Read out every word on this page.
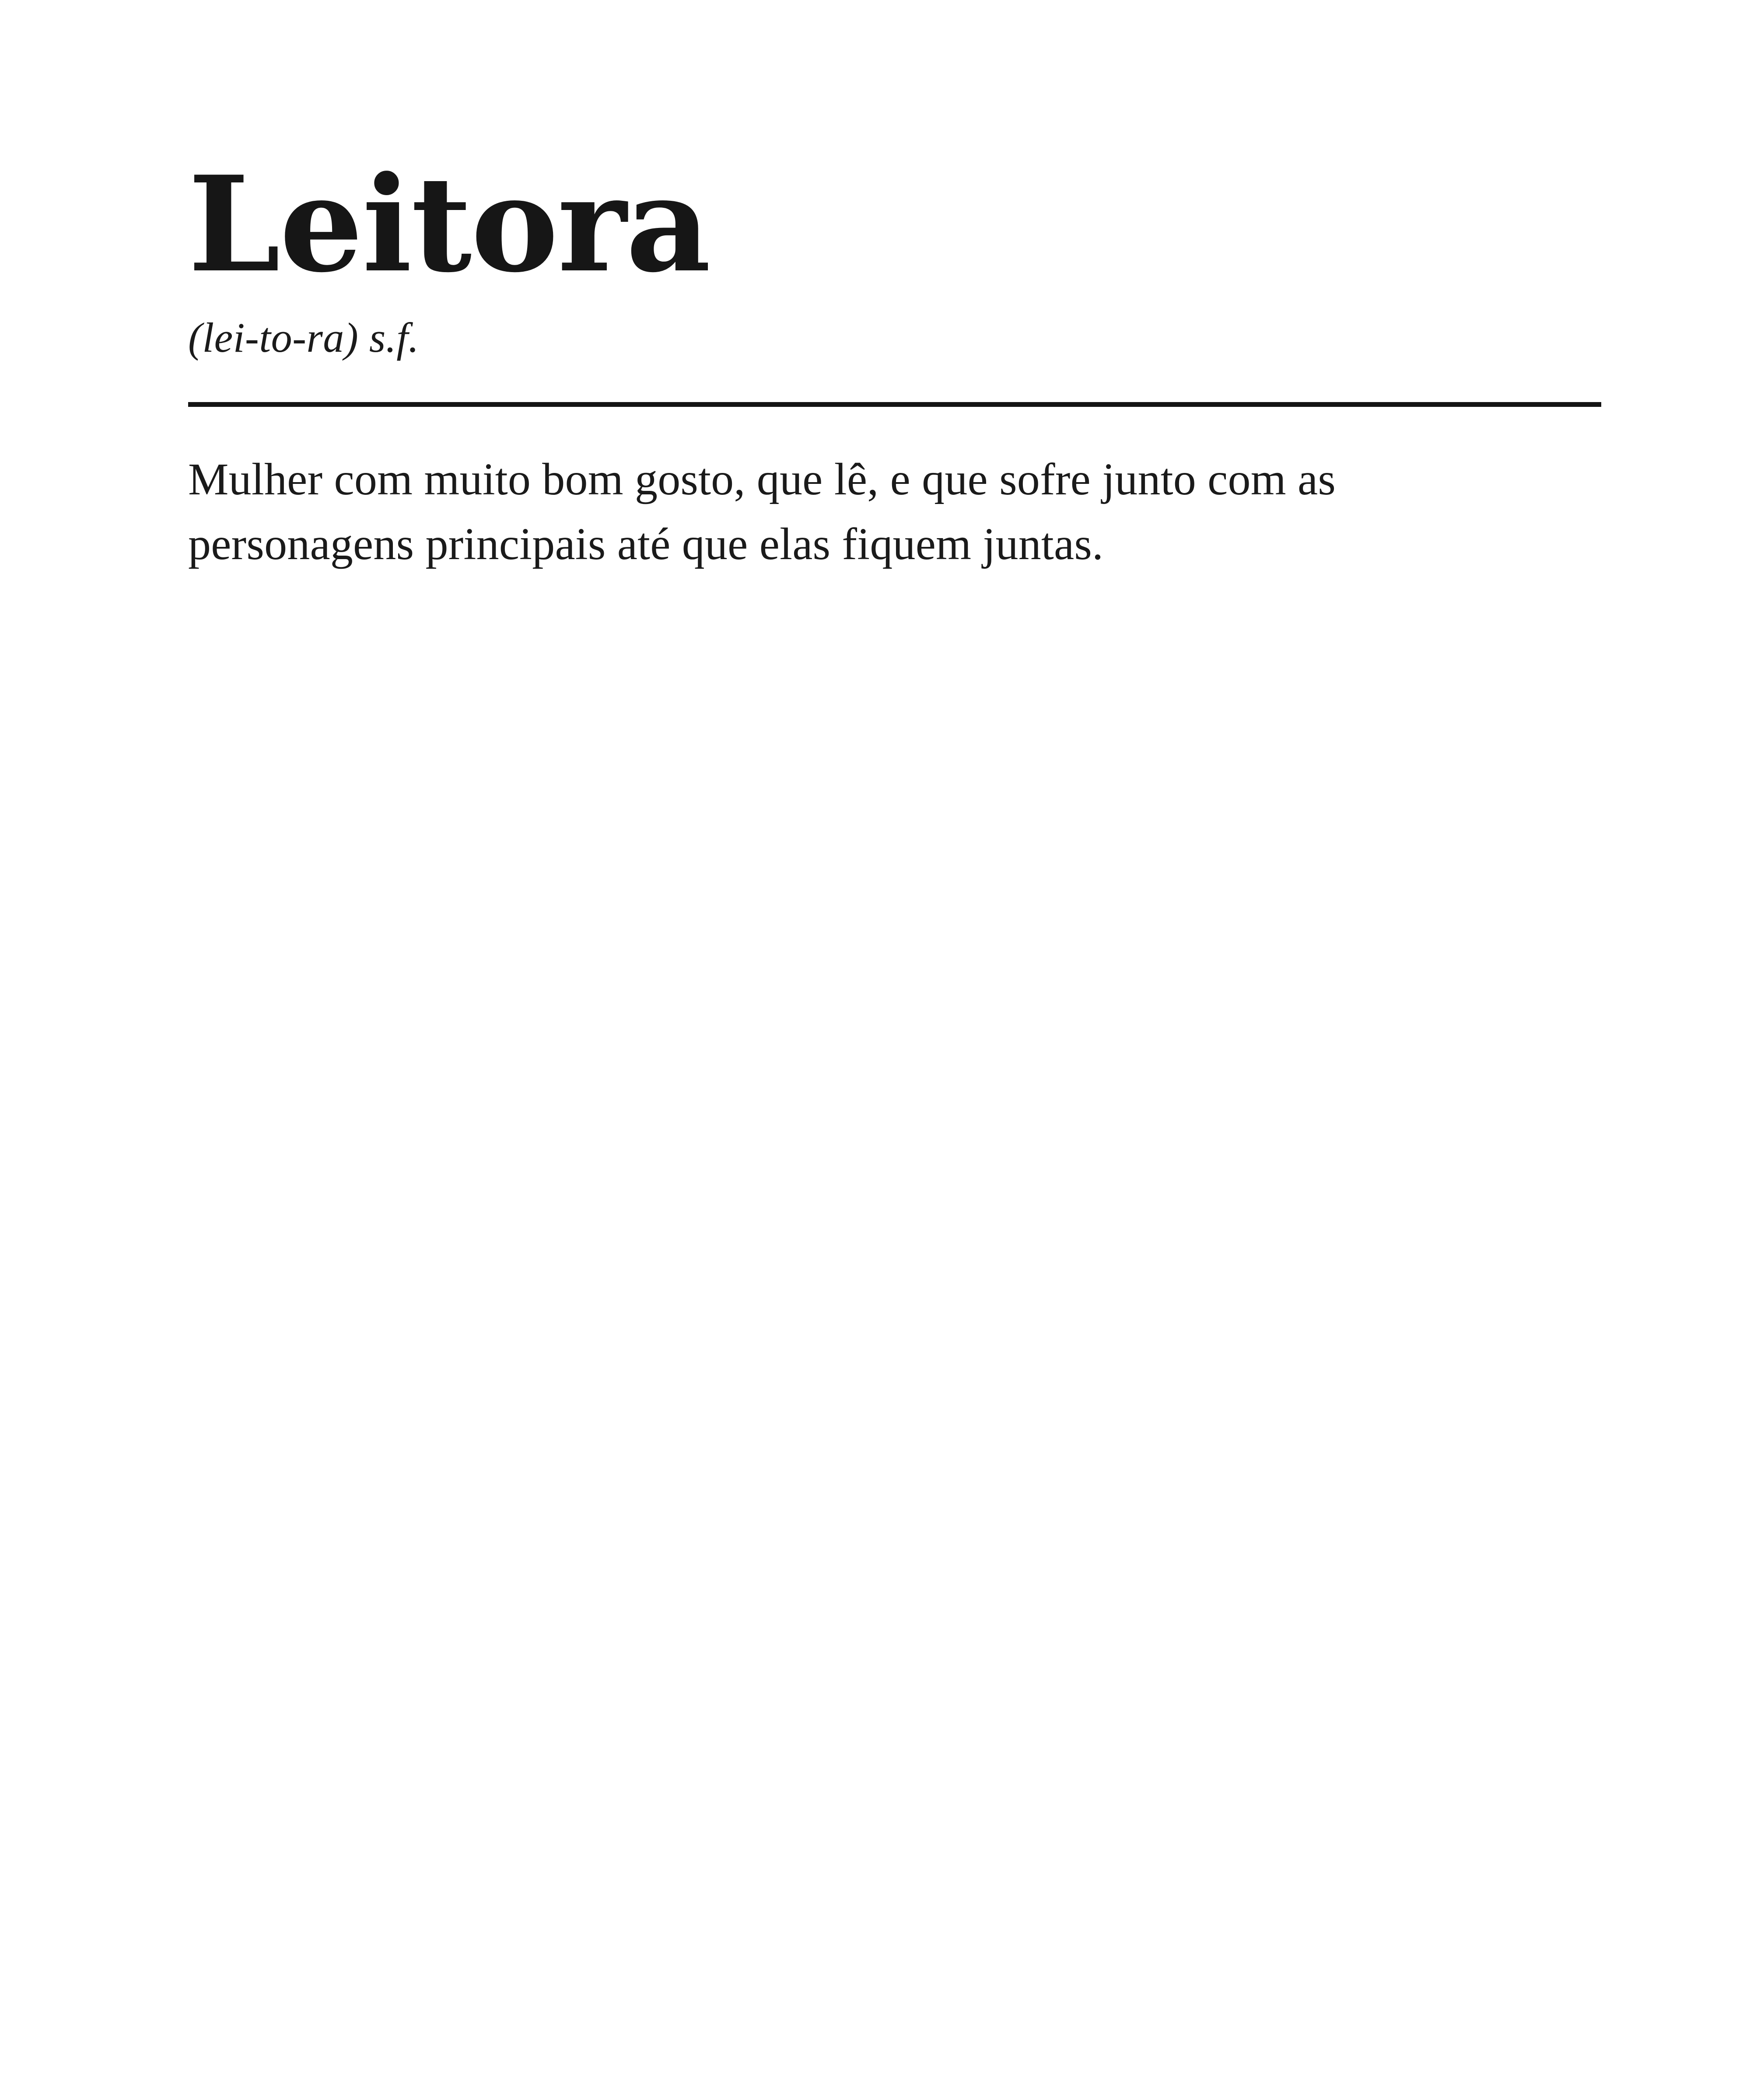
Leitora

(lei-to-ra) s.f.

Mulher com muito bom gosto, que lê, e que sofre junto com as personagens principais até que elas fiquem juntas.
